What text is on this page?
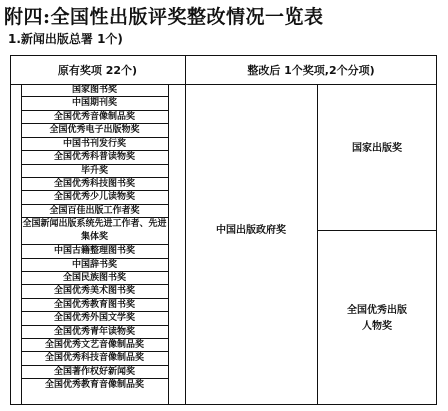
附四:全国性出版评奖整改情况一览表
1.新闻出版总署 1个)
原有奖项 22个)	整改后 1个奖项,2个分项)
国家图书奖
中国期刊奖
全国优秀音像制品奖
全国优秀电子出版物奖
中国书刊发行奖
全国优秀科普读物奖
毕升奖
全国优秀科技图书奖
全国优秀少儿读物奖
全国百佳出版工作者奖
全国新闻出版系统先进工作者、先进集体奖
中国古籍整理图书奖
中国辞书奖
全国民族图书奖
全国优秀美术图书奖
全国优秀教育图书奖
全国优秀外国文学奖
全国优秀青年读物奖
全国优秀文艺音像制品奖
全国优秀科技音像制品奖
全国著作权好新闻奖
全国优秀教育音像制品奖
中国出版政府奖
国家出版奖
全国优秀出版人物奖
